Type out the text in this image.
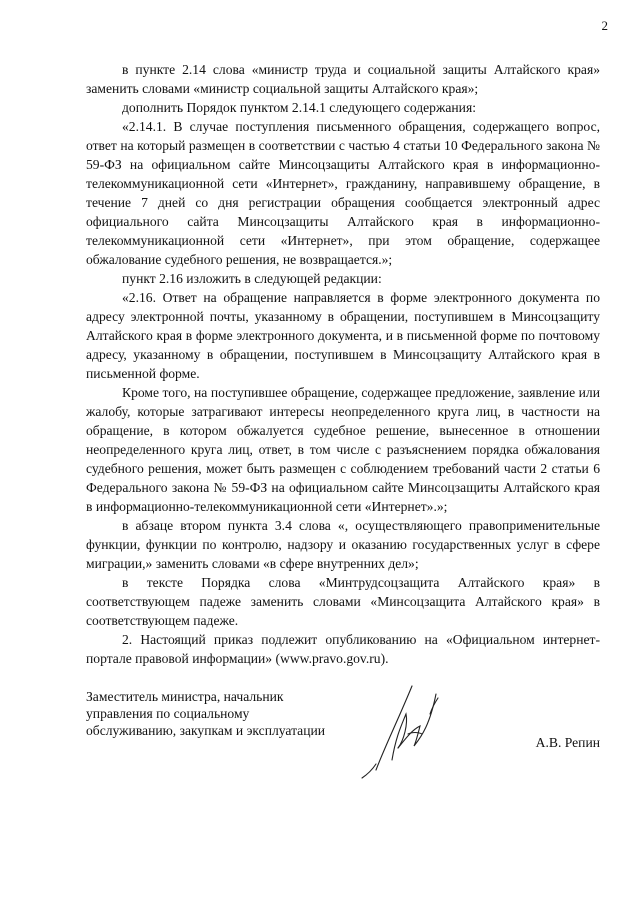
2

в пункте 2.14 слова «министр труда и социальной защиты Алтайского края» заменить словами «министр социальной защиты Алтайского края»;

дополнить Порядок пунктом 2.14.1 следующего содержания:

«2.14.1. В случае поступления письменного обращения, содержащего вопрос, ответ на который размещен в соответствии с частью 4 статьи 10 Федерального закона № 59-ФЗ на официальном сайте Минсоцзащиты Алтайского края в информационно-телекоммуникационной сети «Интернет», гражданину, направившему обращение, в течение 7 дней со дня регистрации обращения сообщается электронный адрес официального сайта Минсоцзащиты Алтайского края в информационно-телекоммуникационной сети «Интернет», при этом обращение, содержащее обжалование судебного решения, не возвращается.»;

пункт 2.16 изложить в следующей редакции:

«2.16. Ответ на обращение направляется в форме электронного документа по адресу электронной почты, указанному в обращении, поступившем в Минсоцзащиту Алтайского края в форме электронного документа, и в письменной форме по почтовому адресу, указанному в обращении, поступившем в Минсоцзащиту Алтайского края в письменной форме.

Кроме того, на поступившее обращение, содержащее предложение, заявление или жалобу, которые затрагивают интересы неопределенного круга лиц, в частности на обращение, в котором обжалуется судебное решение, вынесенное в отношении неопределенного круга лиц, ответ, в том числе с разъяснением порядка обжалования судебного решения, может быть размещен с соблюдением требований части 2 статьи 6 Федерального закона № 59-ФЗ на официальном сайте Минсоцзащиты Алтайского края в информационно-телекоммуникационной сети «Интернет».»;

в абзаце втором пункта 3.4 слова «, осуществляющего правоприменительные функции, функции по контролю, надзору и оказанию государственных услуг в сфере миграции,» заменить словами «в сфере внутренних дел»;

в тексте Порядка слова «Минтрудсоцзащита Алтайского края» в соответствующем падеже заменить словами «Минсоцзащита Алтайского края» в соответствующем падеже.

2. Настоящий приказ подлежит опубликованию на «Официальном интернет-портале правовой информации» (www.pravo.gov.ru).

Заместитель министра, начальник управления по социальному обслуживанию, закупкам и эксплуатации

А.В. Репин
